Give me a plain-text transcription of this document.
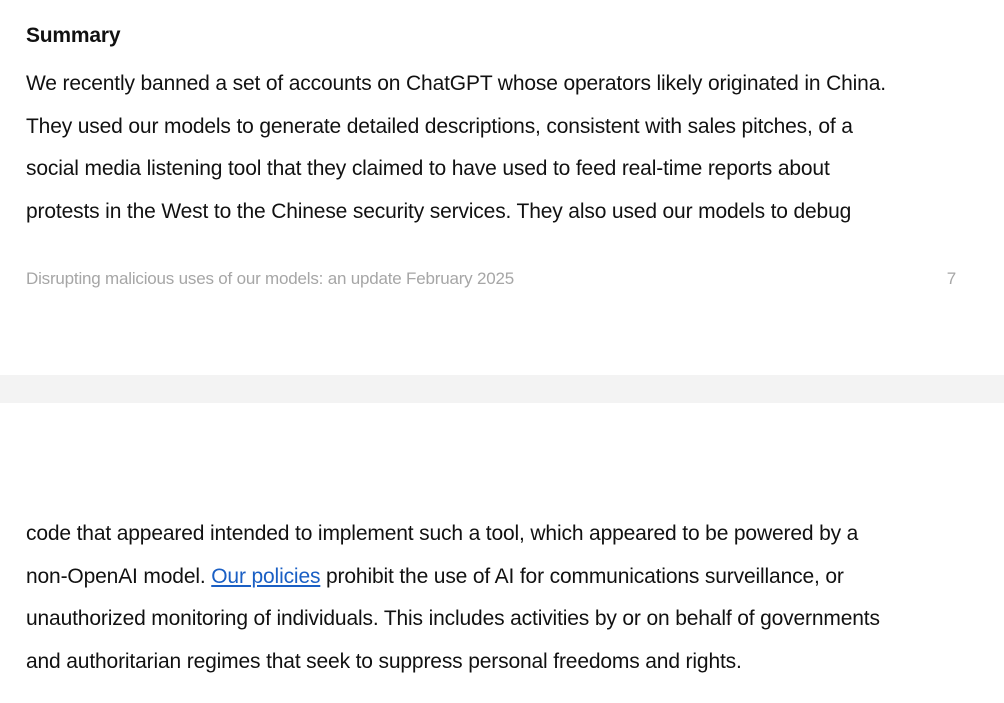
Summary

We recently banned a set of accounts on ChatGPT whose operators likely originated in China.
They used our models to generate detailed descriptions, consistent with sales pitches, of a
social media listening tool that they claimed to have used to feed real-time reports about
protests in the West to the Chinese security services. They also used our models to debug

Disrupting malicious uses of our models: an update February 2025	7

code that appeared intended to implement such a tool, which appeared to be powered by a
non-OpenAI model. Our policies prohibit the use of AI for communications surveillance, or
unauthorized monitoring of individuals. This includes activities by or on behalf of governments
and authoritarian regimes that seek to suppress personal freedoms and rights.
